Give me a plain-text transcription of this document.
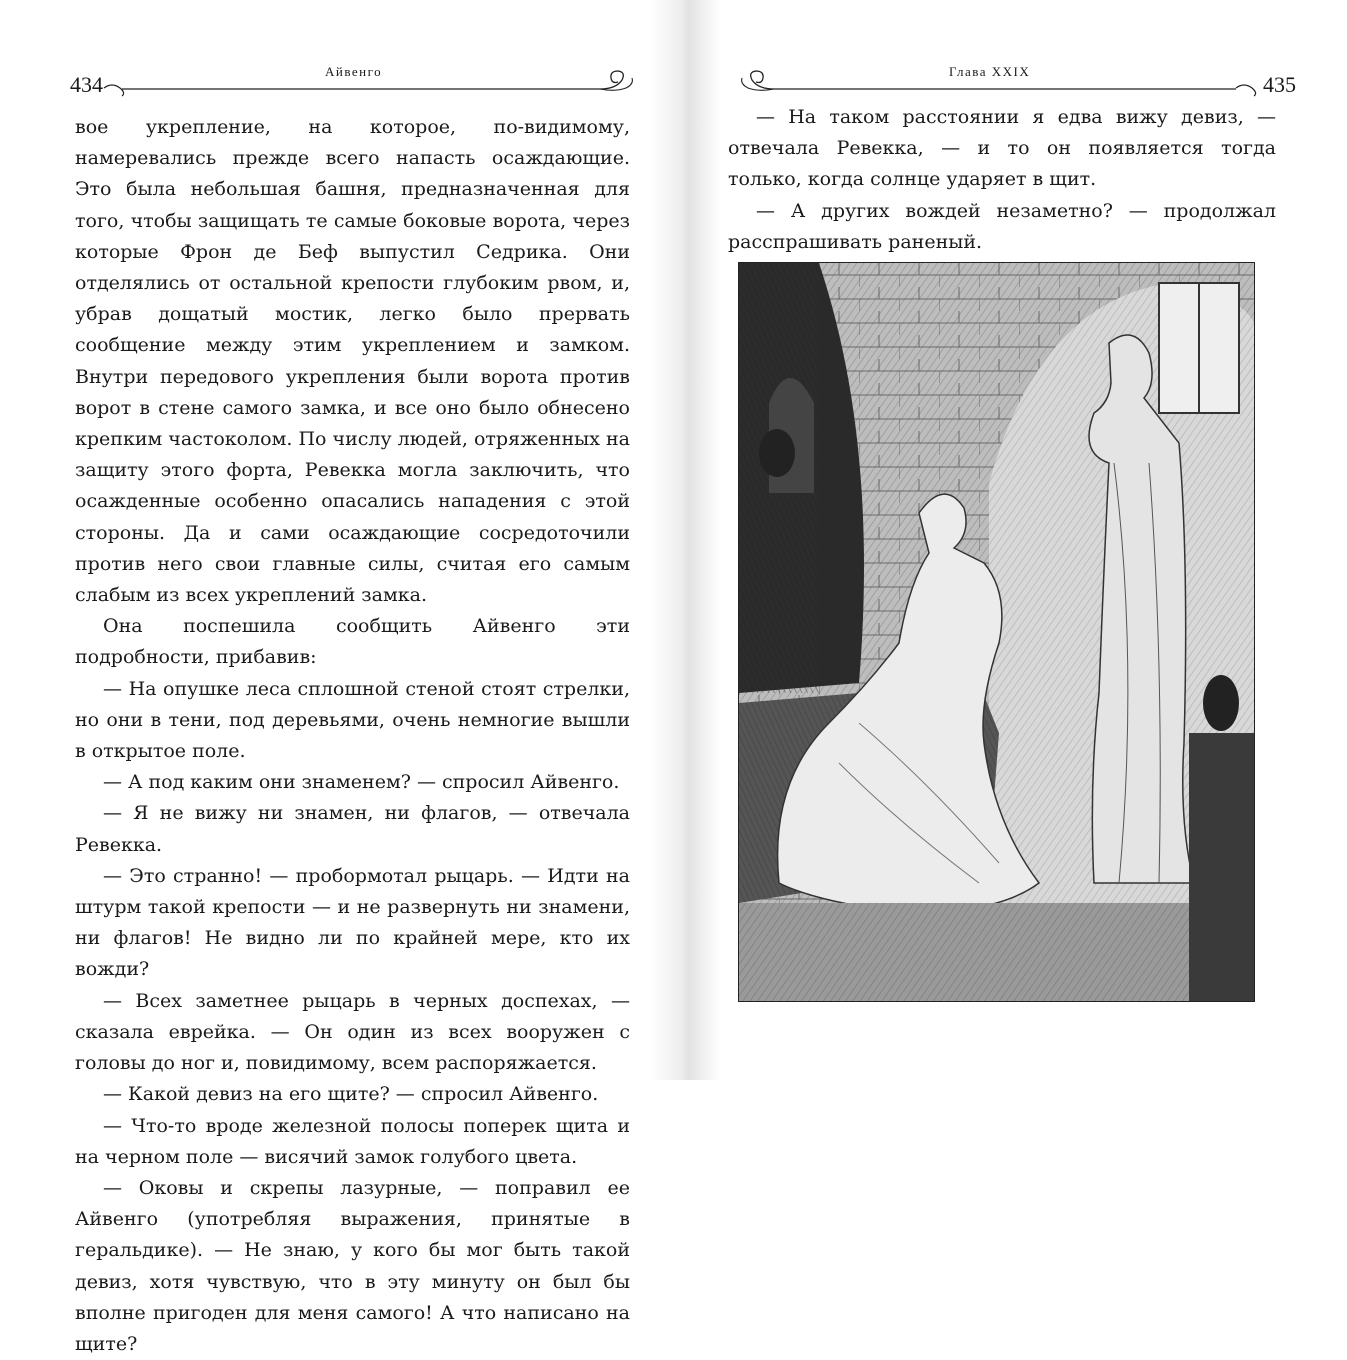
434
Айвенго

вое укрепление, на которое, по-видимому, намеревались прежде всего напасть осаждающие. Это была небольшая башня, предназначенная для того, чтобы защищать те самые боковые ворота, через которые Фрон де Беф выпустил Седрика. Они отделялись от остальной крепости глубоким рвом, и, убрав дощатый мостик, легко было прервать сообщение между этим укреплением и замком. Внутри передового укрепления были ворота против ворот в стене самого замка, и все оно было обнесено крепким частоколом. По числу людей, отряженных на защиту этого форта, Ревекка могла заключить, что осажденные особенно опасались нападения с этой стороны. Да и сами осаждающие сосредоточили против него свои главные силы, считая его самым слабым из всех укреплений замка.

Она поспешила сообщить Айвенго эти подробности, прибавив:

— На опушке леса сплошной стеной стоят стрелки, но они в тени, под деревьями, очень немногие вышли в открытое поле.

— А под каким они знаменем? — спросил Айвенго.

— Я не вижу ни знамен, ни флагов, — отвечала Ревекка.

— Это странно! — пробормотал рыцарь. — Идти на штурм такой крепости — и не развернуть ни знамени, ни флагов! Не видно ли по крайней мере, кто их вожди?

— Всех заметнее рыцарь в черных доспехах, — сказала еврейка. — Он один из всех вооружен с головы до ног и, повидимому, всем распоряжается.

— Какой девиз на его щите? — спросил Айвенго.

— Что-то вроде железной полосы поперек щита и на черном поле — висячий замок голубого цвета.

— Оковы и скрепы лазурные, — поправил ее Айвенго (употребляя выражения, принятые в геральдике). — Не знаю, у кого бы мог быть такой девиз, хотя чувствую, что в эту минуту он был бы вполне пригоден для меня самого! А что написано на щите?

Глава XXIX
435

— На таком расстоянии я едва вижу девиз, — отвечала Ревекка, — и то он появляется тогда только, когда солнце ударяет в щит.

— А других вождей незаметно? — продолжал расспрашивать раненый.
